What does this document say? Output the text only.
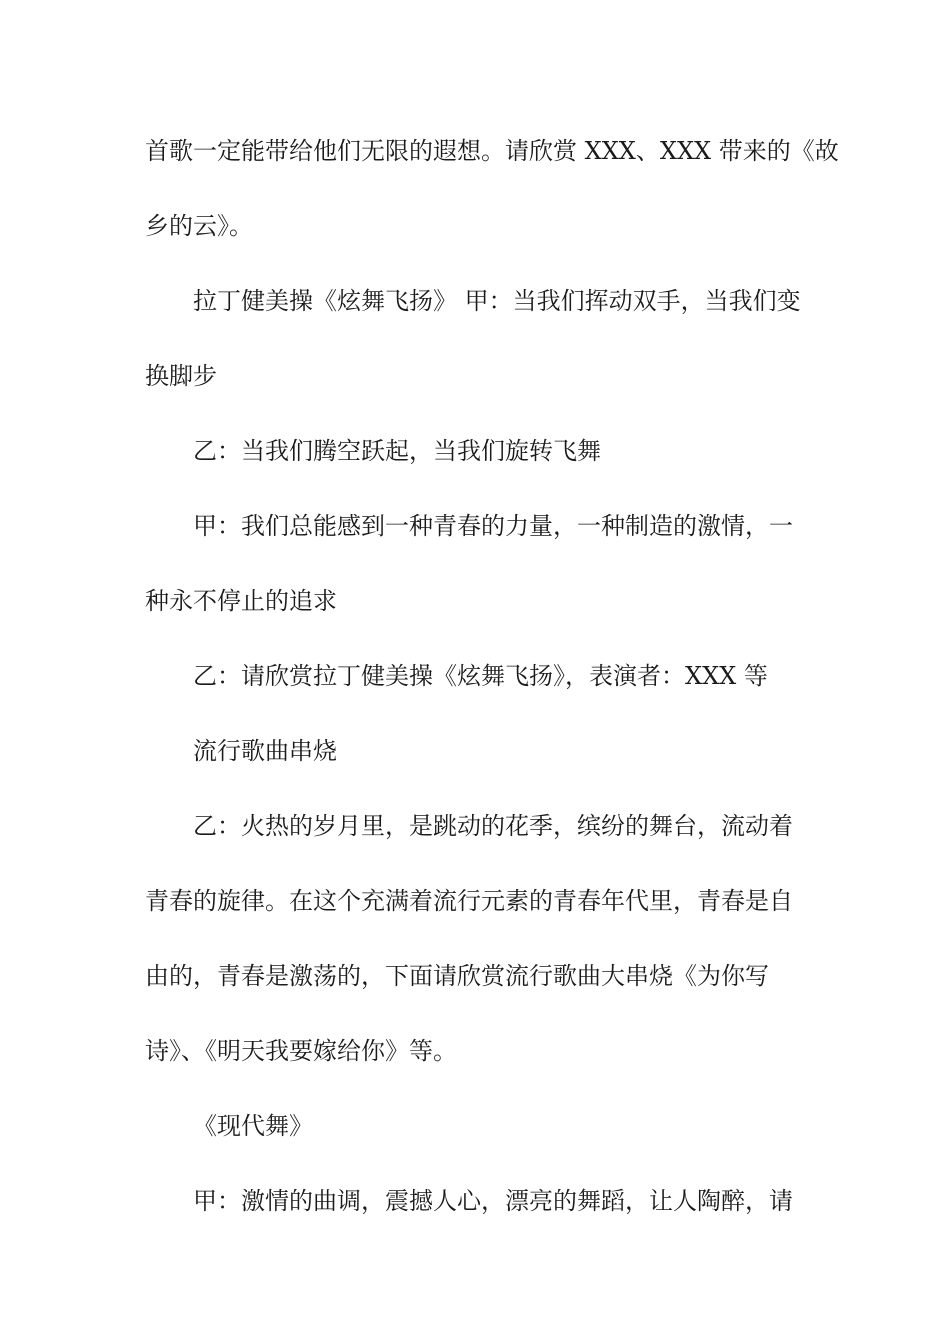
首歌一定能带给他们无限的遐想。请欣赏 XXX、XXX 带来的《故
乡的云》。
拉丁健美操《炫舞飞扬》 甲：当我们挥动双手，当我们变
换脚步
乙：当我们腾空跃起，当我们旋转飞舞
甲：我们总能感到一种青春的力量，一种制造的激情，一
种永不停止的追求
乙：请欣赏拉丁健美操《炫舞飞扬》，表演者：XXX 等
流行歌曲串烧
乙：火热的岁月里，是跳动的花季，缤纷的舞台，流动着
青春的旋律。在这个充满着流行元素的青春年代里，青春是自
由的，青春是激荡的，下面请欣赏流行歌曲大串烧《为你写
诗》、《明天我要嫁给你》等。
《现代舞》
甲：激情的曲调，震撼人心，漂亮的舞蹈，让人陶醉，请
